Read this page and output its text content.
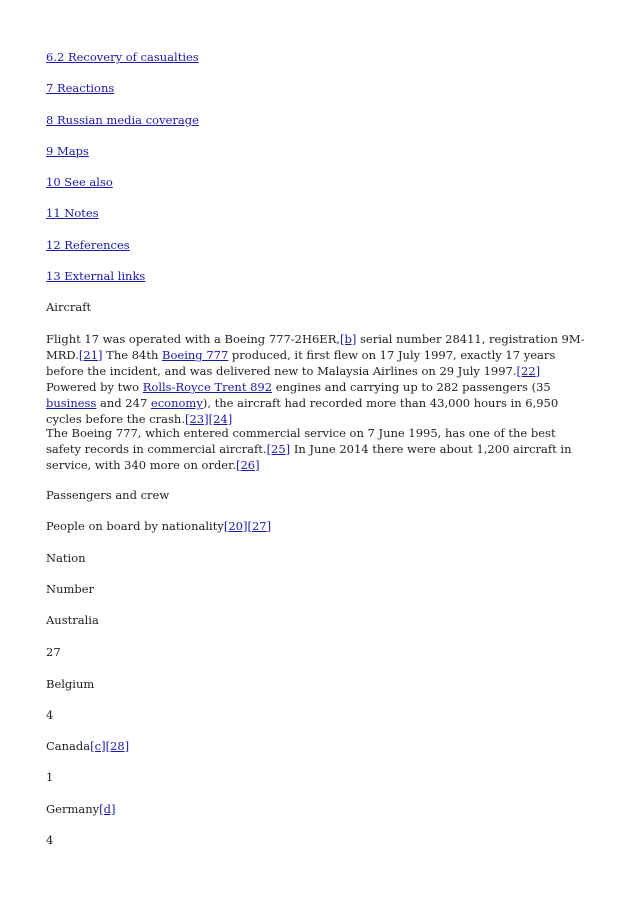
6.2 Recovery of casualties

7 Reactions

8 Russian media coverage

9 Maps

10 See also

11 Notes

12 References

13 External links

Aircraft

Flight 17 was operated with a Boeing 777-2H6ER,[b] serial number 28411, registration 9M-MRD.[21] The 84th Boeing 777 produced, it first flew on 17 July 1997, exactly 17 years before the incident, and was delivered new to Malaysia Airlines on 29 July 1997.[22] Powered by two Rolls-Royce Trent 892 engines and carrying up to 282 passengers (35 business and 247 economy), the aircraft had recorded more than 43,000 hours in 6,950 cycles before the crash.[23][24]

The Boeing 777, which entered commercial service on 7 June 1995, has one of the best safety records in commercial aircraft.[25] In June 2014 there were about 1,200 aircraft in service, with 340 more on order.[26]

Passengers and crew

People on board by nationality[20][27]

Nation

Number

Australia

27

Belgium

4

Canada[c][28]

1

Germany[d]

4
